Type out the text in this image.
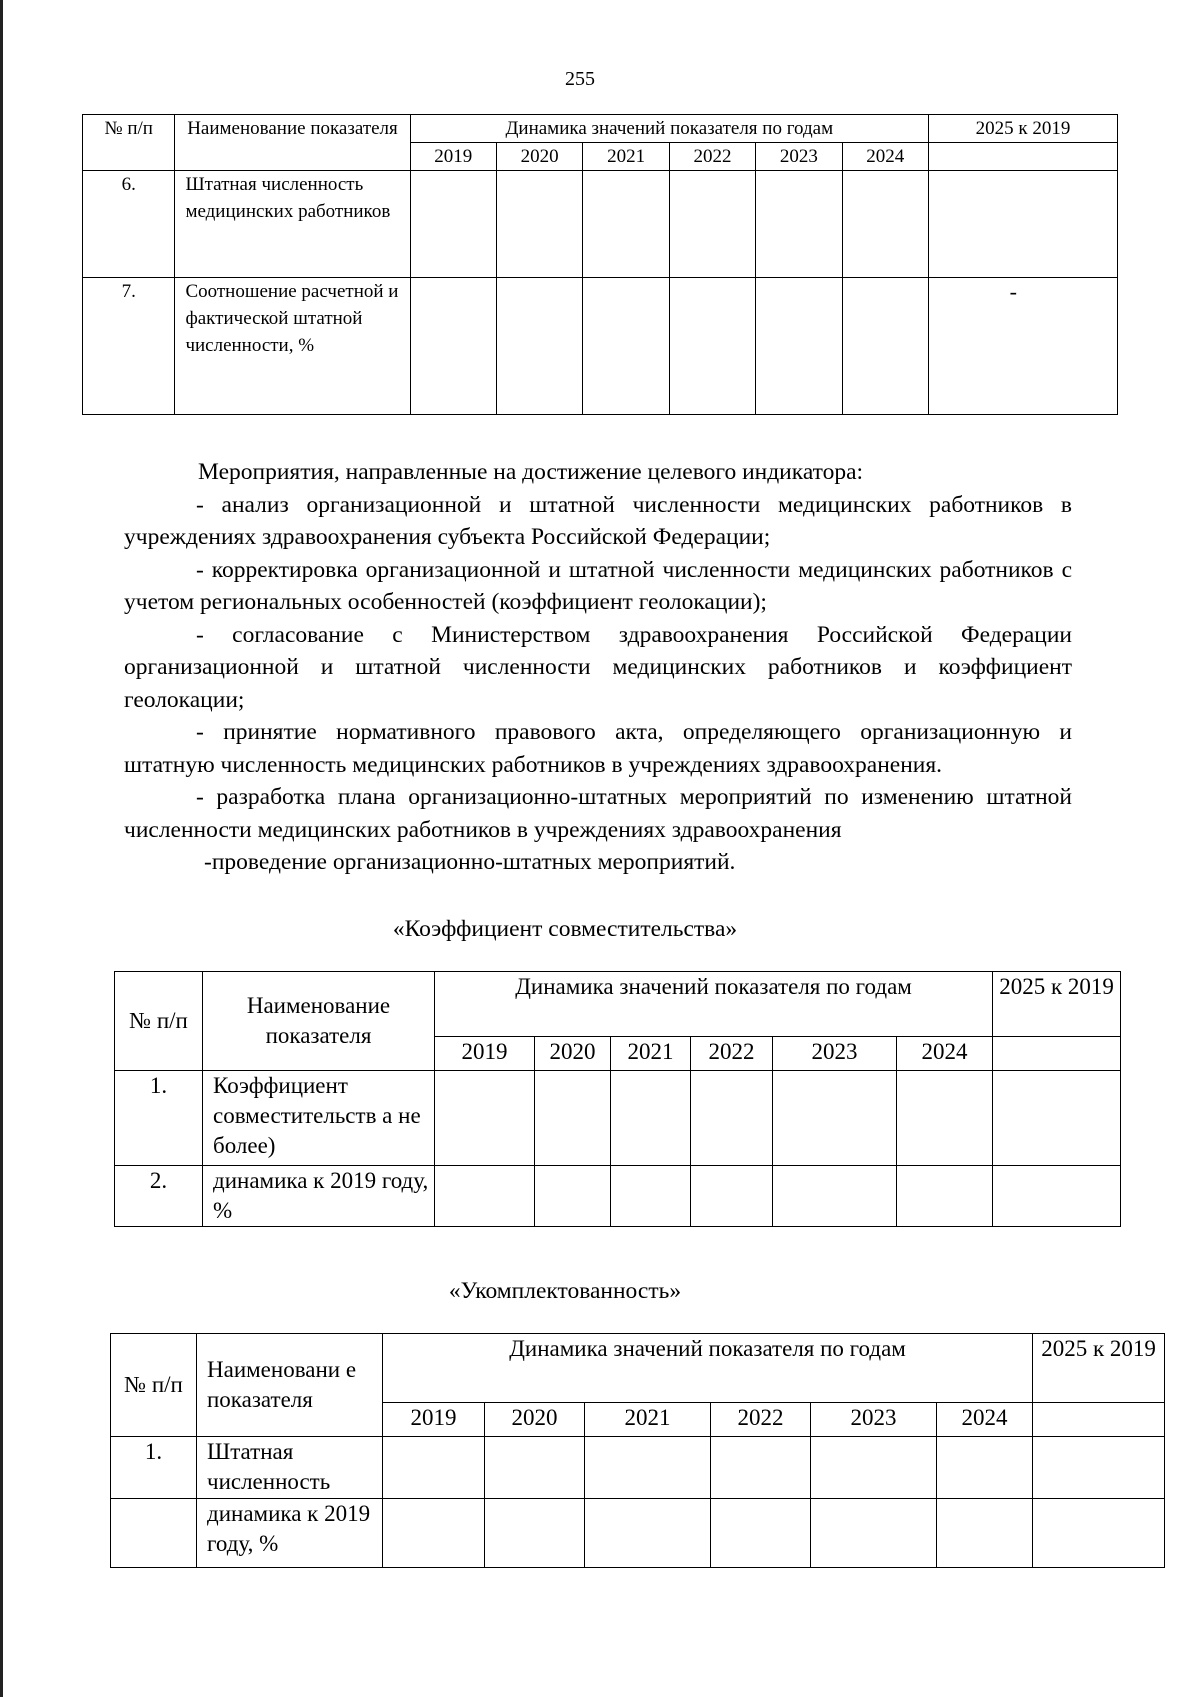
255
№ п/п	Наименование показателя	Динамика значений показателя по годам						2025 к 2019
		2019	2020	2021	2022	2023	2024	
6.	Штатная численность медицинских работников							
7.	Соотношение расчетной и фактической штатной численности, %							-

Мероприятия, направленные на достижение целевого индикатора:

- анализ организационной и штатной численности медицинских работников в учреждениях здравоохранения субъекта Российской Федерации;

- корректировка организационной и штатной численности медицинских работников с учетом региональных особенностей (коэффициент геолокации);

- согласование с Министерством здравоохранения Российской Федерации организационной и штатной численности медицинских работников и коэффициент геолокации;

- принятие нормативного правового акта, определяющего организационную и штатную численность медицинских работников в учреждениях здравоохранения.

- разработка плана организационно-штатных мероприятий по изменению штатной численности медицинских работников в учреждениях здравоохранения

-проведение организационно-штатных мероприятий.

«Коэффициент совместительства»
№ п/п	Наименование показателя	Динамика значений показателя по годам						2025 к 2019
		2019	2020	2021	2022	2023	2024	
1.	Коэффициент совместительств а не более)							
2.	динамика к 2019 году, %							
«Укомплектованность»
№ п/п	Наименовани е показателя	Динамика значений показателя по годам						2025 к 2019
		2019	2020	2021	2022	2023	2024	
1.	Штатная численность							
	динамика к 2019 году, %							
